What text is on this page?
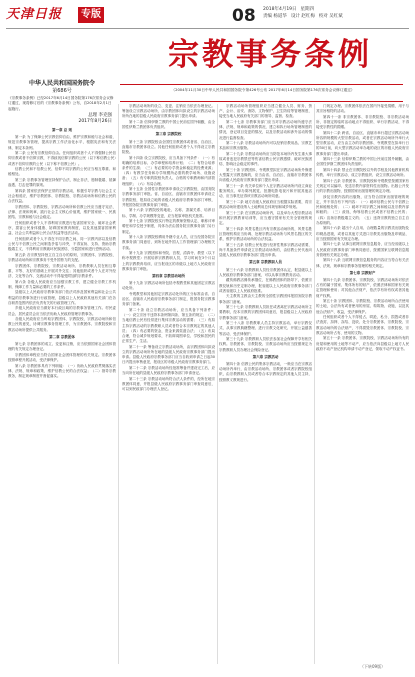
天津日报	专版	08 2018年4月19日 星期四
责编 杨道华 设计 赵红梅 校对 吴红斌
宗教事务条例
（2004年11月30日中华人民共和国国务院令第426号公布 2017年6月14日国务院第176次常务会议修订通过）
中华人民共和国国务院令
第686号
《宗教事务条例》已经2017年6月14日国务院第176次常务会议修订通过，现将修订后的《宗教事务条例》公布，自2018年2月1日起施行。
总理 李克强
2017年8月26日

第一章 总 则

第一条 为了保障公民宗教信仰自由，维护宗教和睦与社会和谐，规范宗教事务管理，提高宗教工作法治化水平，根据宪法和有关法律，制定本条例。

第二条 公民有宗教信仰自由。任何组织或者个人不得强制公民信仰宗教或者不信仰宗教，不得歧视信仰宗教的公民（以下称信教公民）或者不信仰宗教的公民（以下称不信教公民）。

信教公民和不信教公民、信仰不同宗教的公民应当相互尊重、和睦相处。

第三条 宗教事务管理坚持保护合法、制止非法、遏制极端、抵御渗透、打击犯罪的原则。

第四条 国家依法保护正常的宗教活动，积极引导宗教与社会主义社会相适应，维护宗教团体、宗教院校、宗教活动场所和信教公民的合法权益。

宗教团体、宗教院校、宗教活动场所和信教公民应当遵守宪法、法律、法规和规章，践行社会主义核心价值观，维护国家统一、民族团结、宗教和睦与社会稳定。

任何组织或者个人不得利用宗教进行危害国家安全、破坏社会秩序、损害公民身体健康、妨碍国家教育制度，以及其他损害国家利益、社会公共利益和公民合法权益等违法活动。

任何组织或者个人不得在不同宗教之间、同一宗教内部以及信教公民与不信教公民之间制造矛盾与冲突，不得宣扬、支持、资助宗教极端主义，不得利用宗教破坏民族团结、分裂国家和进行恐怖活动。

第五条 各宗教坚持独立自主自办的原则，宗教团体、宗教院校、宗教活动场所和宗教事务不受外国势力的支配。

宗教团体、宗教院校、宗教活动场所、宗教教职人员在相互尊重、平等、友好的基础上开展对外交往；其他组织或者个人在对外经济、文化等合作、交流活动中不得接受附加的宗教条件。

第六条 各级人民政府应当加强宗教工作，建立健全宗教工作机制，保障工作力量和必要的工作条件。

县级以上人民政府宗教事务部门依法对涉及国家利益和社会公共利益的宗教事务进行行政管理，县级以上人民政府其他有关部门在各自职责范围内依法负责有关的行政管理工作。

乡级人民政府应当做好本行政区域的宗教事务管理工作。村民委员会、居民委员会应当依法协助人民政府管理宗教事务。

各级人民政府应当听取宗教团体、宗教院校、宗教活动场所和信教公民的意见，协调宗教事务管理工作，为宗教团体、宗教院校和宗教活动场所提供公共服务。

第二章 宗教团体

第七条 宗教团体的成立、变更和注销，应当依照国家社会团体管理的有关规定办理登记。

宗教团体章程应当符合国家社会团体管理的有关规定。宗教团体按照章程开展活动，受法律保护。

第八条 宗教团体具有下列职能：（一）协助人民政府贯彻落实法律、法规、规章和政策，维护信教公民的合法权益；（二）指导宗教教务，制定规章制度并督促落实。

宗教活动场所的设立、变更、注销应当依法办理登记。筹备设立宗教活动场所，由宗教团体向拟设立的宗教活动场所所在地的县级人民政府宗教事务部门提出申请。

第十二条 信仰伊斯兰教的中国公民前往国外朝觐，由全国性伊斯兰教团体负责组织。

第三章 宗教院校

第十三条 宗教院校由全国性宗教团体或者省、自治区、直辖市宗教团体设立。其他任何组织或者个人不得设立宗教院校。

第十四条 设立宗教院校，应当具备下列条件：（一）有明确的培养目标、办学章程和培养计划；（二）有符合培养条件的生源；（三）有必要的办学资金和稳定的经费来源；（四）有教学任务和办学规模所必需的教学场所、设施设备；（五）有专职的院校负责人、合格的专职教师和内部管理组织；（六）布局合理。

第十五条 全国性宗教团体申请设立宗教院校，由国务院宗教事务部门审批。省、自治区、直辖市宗教团体申请设立宗教院校，报拟设立地的省级人民政府宗教事务部门审核，并报国务院宗教事务部门审批。

第十六条 宗教院校的地址、名称、隶属关系、培养目标、学制、办学规模等变更，应当报原审批机关批准。

第十七条 宗教院校实行特定的教师资格认定、职称评审聘任和学位授予制度，具体办法由国务院宗教事务部门另行制定。

第十八条 宗教院校聘用外籍专业人员，应当经国务院宗教事务部门同意后，到所在地外国人工作管理部门办理相关手续。

第十九条 宗教团体和寺院、宫观、清真寺、教堂（以下称寺观教堂）开展培养宗教教职人员、学习时间在3个月以上的宗教教育培训，应当报设区的市级以上地方人民政府宗教事务部门审批。

第四章 宗教活动场所

第十九条 宗教活动场所包括寺观教堂和其他固定宗教活动处所。

寺观教堂和其他固定宗教活动处所的区分标准由省、自治区、直辖市人民政府宗教事务部门制定，报国务院宗教事务部门备案。

第二十条 设立宗教活动场所，应当具备下列条件：（一）设立宗旨不违背本条例第四条、第五条的规定；（二）当地信教公民有经常进行集体宗教活动的需要；（三）有拟主持宗教活动的宗教教职人员或者符合本宗教规定的其他人员；（四）有必要的资金，资金来源渠道合法；（五）布局合理，符合城乡规划要求，不妨碍周围单位、学校和居民的正常生产、生活。

第二十一条 筹备设立宗教活动场所，由宗教团体向拟设立的宗教活动场所所在地的县级人民政府宗教事务部门提出申请。县级人民政府宗教事务部门应当自收到申请之日起30日内提出审核意见，报设区的市级人民政府宗教事务部门。

第二十二条 宗教活动场所经批准筹备并建设完工后，应当向所在地的县级人民政府宗教事务部门申请登记。

第二十三条 宗教活动场所符合法人条件的，经所在地宗教团体同意，并报县级人民政府宗教事务部门审查同意后，可以到民政部门办理法人登记。

宗教活动场所管理组织应当建立健全人员、财务、资产、会计、治安、消防、文物保护、卫生防疫等管理制度，接受当地人民政府有关部门的指导、监督、检查。

第二十七条 宗教事务部门应当对宗教活动场所遵守法律、法规、规章和政策的情况，建立和执行场所管理制度的情况，登记项目变更的情况，以及宗教活动和涉外活动的情况进行监督检查。

第二十八条 宗教活动场所内可以经销宗教用品、宗教艺术品和宗教出版物。

第二十九条 宗教活动场所应当防范本场所内发生重大事故或者违犯宗教禁忌等伤害信教公民宗教感情、破坏民族团结、影响社会稳定的事件。

第三十条 宗教团体、寺观教堂拟在宗教活动场所外修建大型露天宗教造像的，应当由省、自治区、直辖市宗教团体向省级人民政府宗教事务部门提出申请。

第三十一条 有关单位和个人在宗教活动场所内设立商业服务网点、举办陈列展览、拍摄电影电视片和开展其他活动，应当事先征得该宗教活动场所同意。

第三十二条 地方各级人民政府应当根据实际需要，将宗教活动场所建设纳入土地利用总体规划和城乡规划。

第三十三条 在宗教活动场所内，以及举办大型宗教活动和开展宗教教育培训等，应当遵守国家有关安全管理的规定。

第三十四条 风景名胜区内有宗教活动场所的，风景名胜区管理机构应当协调、处理宗教活动场所与风景名胜区的关系，维护宗教活动场所的合法权益。

第三十五条 信教公民有进行经常性集体宗教活动需要，尚不具备条件申请设立宗教活动场所的，由信教公民代表向县级人民政府宗教事务部门提出申请。

第五章 宗教教职人员

第三十六条 宗教教职人员经宗教团体认定，报县级以上人民政府宗教事务部门备案，可以从事宗教教务活动。

藏传佛教活佛传承继位，在佛教团体的指导下，依照宗教仪轨和历史定制办理，报省级以上人民政府宗教事务部门或者省级以上人民政府批准。

天主教的主教由天主教的全国性宗教团体报国务院宗教事务部门备案。

第三十七条 宗教教职人员担任或者离任宗教活动场所主要教职，经本宗教的宗教团体同意后，报县级以上人民政府宗教事务部门备案。

第三十八条 宗教教职人员主持宗教活动、举行宗教仪式、从事宗教典籍整理、进行宗教文化研究、开展公益慈善等活动，受法律保护。

第三十九条 宗教教职人员依法参加社会保障并享有相关权利。宗教团体、宗教院校、宗教活动场所应当按照规定为宗教教职人员办理社会保险登记。

第六章 宗教活动

第四十条 信教公民的集体宗教活动，一般应当在宗教活动场所内举行，由宗教活动场所、宗教团体或者宗教院校组织，由宗教教职人员或者符合本宗教规定的其他人员主持，按照教义教规进行。

门规定办理。宗教团体依法在国内外接受捐赠，用于与其宗旨相符的活动。

第四十一条 非宗教团体、非宗教院校、非宗教活动场所、非指定的临时活动地点不得组织、举行宗教活动，不得接受宗教性的捐赠。

第四十二条 跨省、自治区、直辖市举行超过宗教活动场所容纳规模的大型宗教活动，或者在宗教活动场所外举行大型宗教活动，应当由主办的宗教团体、寺观教堂在拟举行日的30日前，向大型宗教活动举办地的设区的市级人民政府宗教事务部门提出申请。

第四十三条 信仰伊斯兰教的中国公民前往国外朝觐，由全国性伊斯兰教团体负责组织。

第四十四条 禁止在宗教院校以外的学校及其他教育机构传教、举行宗教活动、成立宗教组织、设立宗教活动场所。

第四十五条 宗教团体、宗教院校和寺观教堂按照国家有关规定可以编印、发送宗教内部资料性出版物。出版公开发行的宗教出版物，按照国家出版管理的规定办理。

涉及宗教内容的出版物，应当符合国家出版管理的规定，并不得含有下列内容：（一）破坏信教公民与不信教公民和睦相处的；（二）破坏不同宗教之间和睦以及宗教内部和睦的；（三）歧视、侮辱信教公民或者不信教公民的；（四）宣扬宗教极端主义的；（五）违背宗教的独立自主自办原则的。

第四十六条 超出个人自用、合理数量的宗教类出版物及印刷品进境，或者以其他方式进口宗教类出版物及印刷品，应当按照国家有关规定办理。

第四十七条 从事互联网宗教信息服务，应当经省级以上人民政府宗教事务部门审核同意后，按照国家互联网信息服务管理有关规定办理。

第四十八条 互联网宗教信息服务的内容应当符合有关法律、法规、规章和宗教事务管理的相关规定。

第七章 宗教财产

第四十九条 宗教团体、宗教院校、宗教活动场所对依法占有的属于国家、集体所有的财产，依照法律和国家有关规定管理和使用；对其他合法财产，依法享有所有权或者其他财产权利。

第五十条 宗教团体、宗教院校、宗教活动场所合法使用的土地，合法所有或者使用的房屋、构筑物、设施，以及其他合法财产、收益，受法律保护。

任何组织或者个人不得侵占、哄抢、私分、损毁或者非法查封、扣押、冻结、没收、处分宗教团体、宗教院校、宗教活动场所的合法财产，不得损毁宗教团体、宗教院校、宗教活动场所占有、使用的文物。

第五十一条 宗教团体、宗教院校、宗教活动场所所有的房屋和使用的土地等不动产，应当依法向县级以上地方人民政府不动产登记机构申请不动产登记，领取不动产权证书。

（下转09版）
